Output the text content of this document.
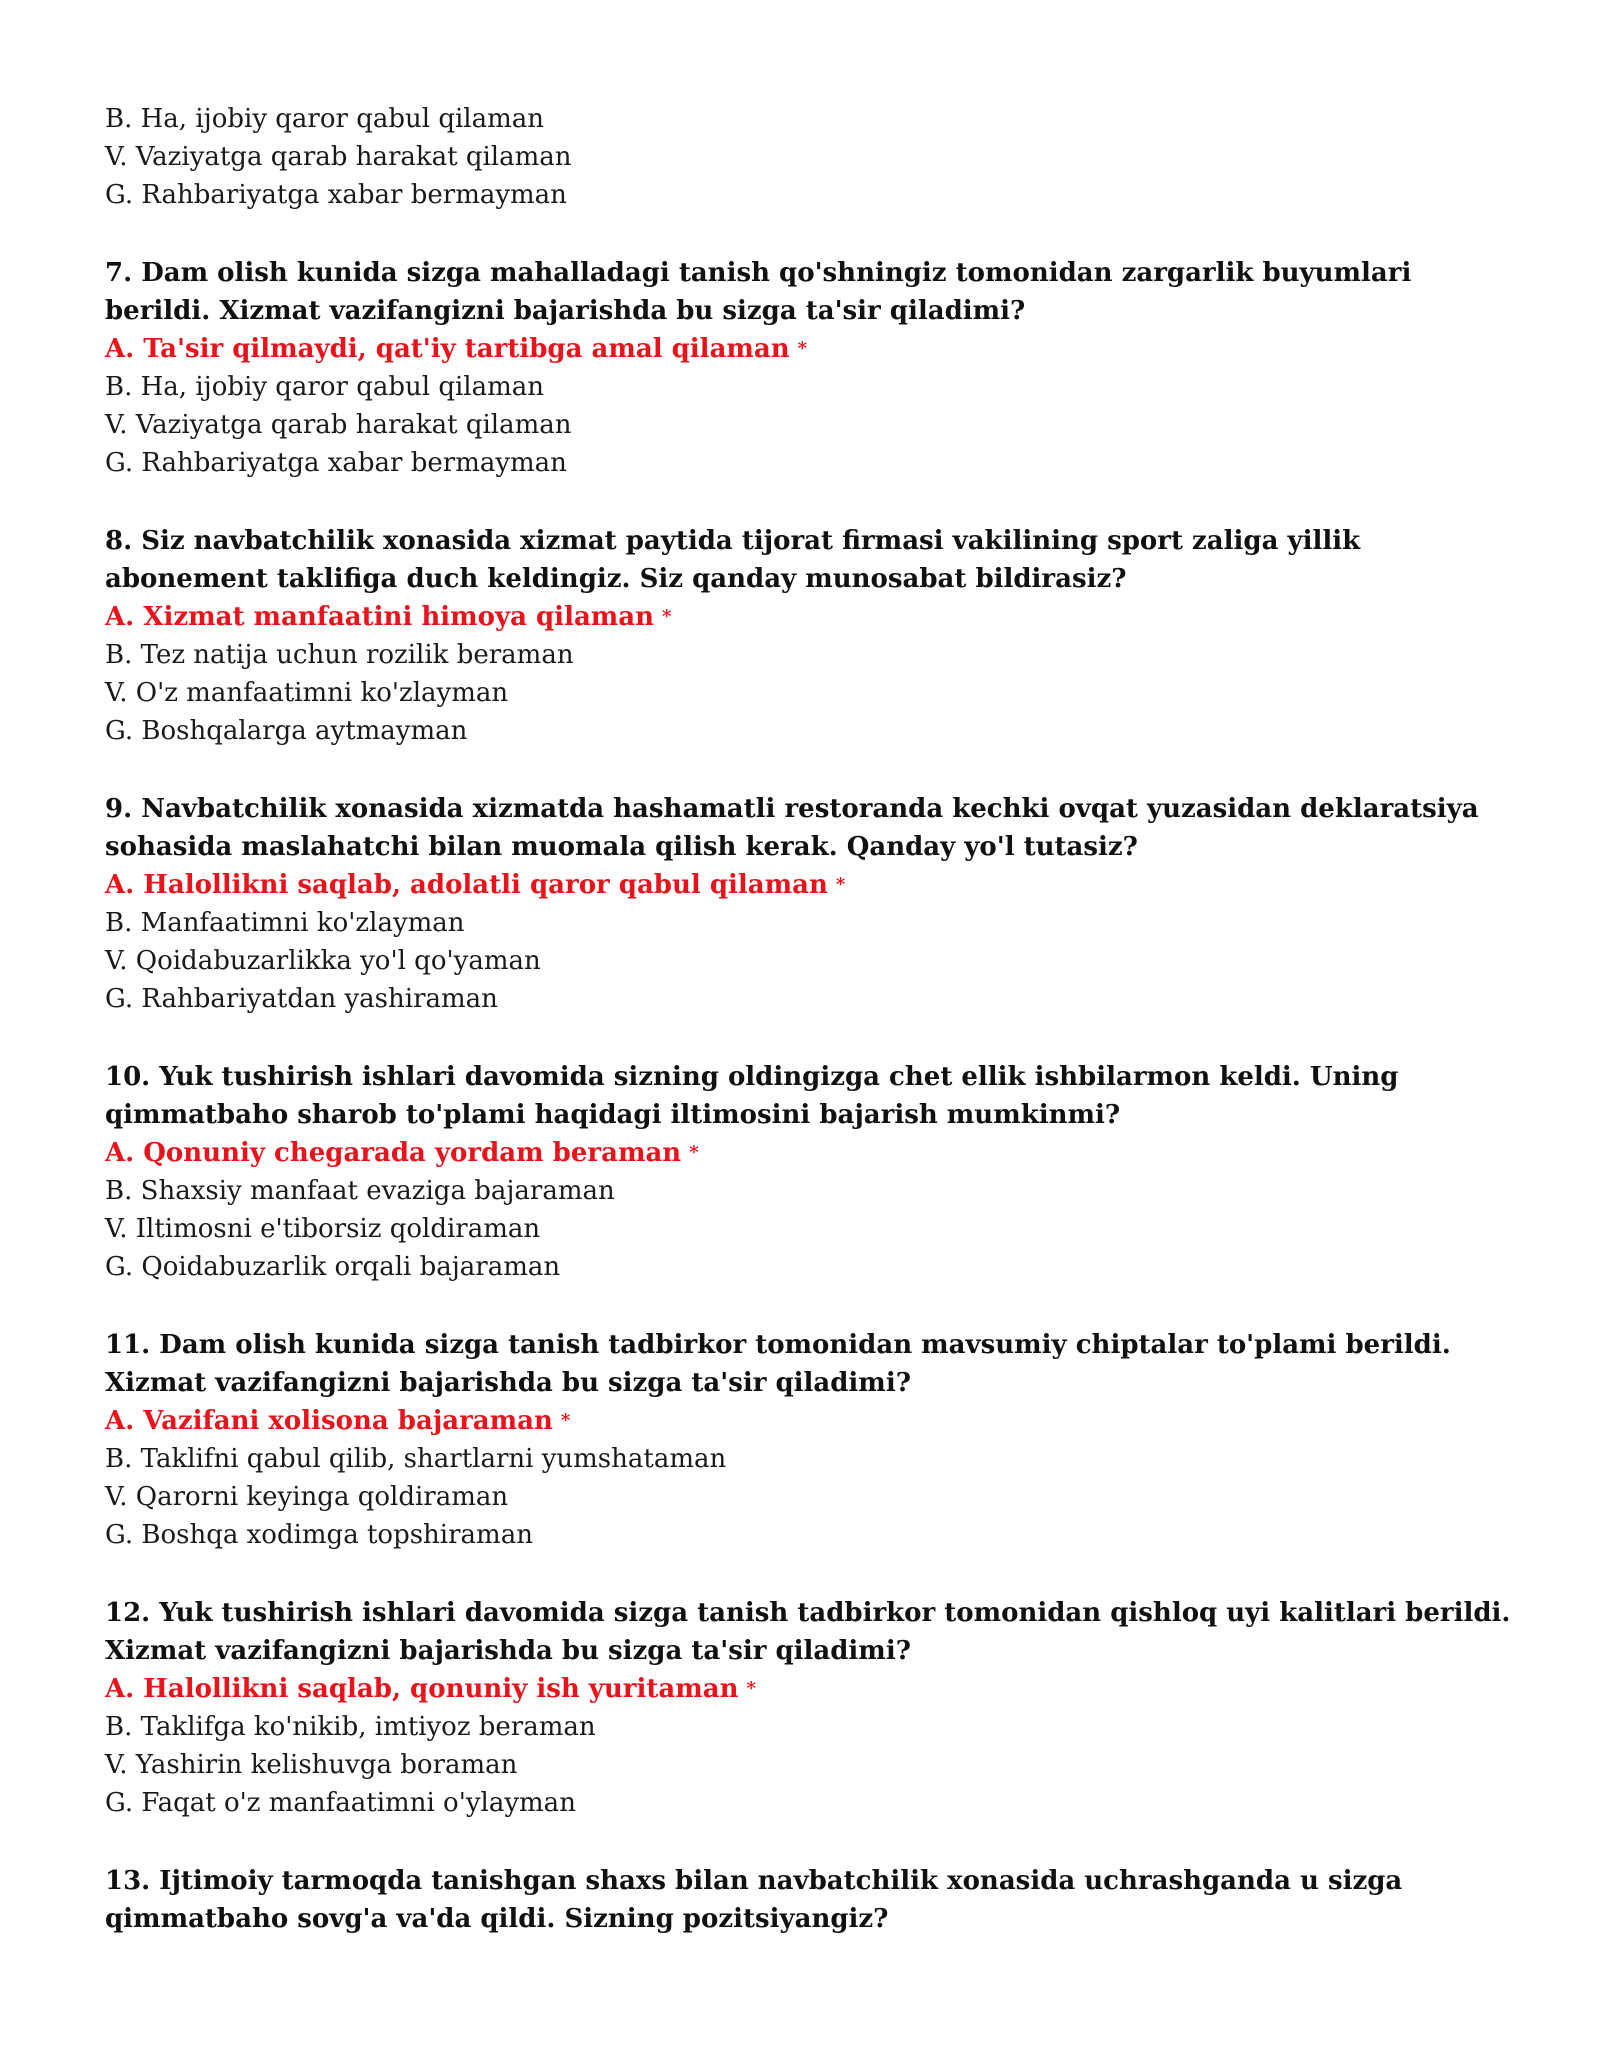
B. Ha, ijobiy qaror qabul qilaman
V. Vaziyatga qarab harakat qilaman
G. Rahbariyatga xabar bermayman
7. Dam olish kunida sizga mahalladagi tanish qo'shningiz tomonidan zargarlik buyumlari berildi. Xizmat vazifangizni bajarishda bu sizga ta'sir qiladimi?
A. Ta'sir qilmaydi, qat'iy tartibga amal qilaman *
B. Ha, ijobiy qaror qabul qilaman
V. Vaziyatga qarab harakat qilaman
G. Rahbariyatga xabar bermayman
8. Siz navbatchilik xonasida xizmat paytida tijorat firmasi vakilining sport zaliga yillik abonement taklifiga duch keldingiz. Siz qanday munosabat bildirasiz?
A. Xizmat manfaatini himoya qilaman *
B. Tez natija uchun rozilik beraman
V. O'z manfaatimni ko'zlayman
G. Boshqalarga aytmayman
9. Navbatchilik xonasida xizmatda hashamatli restoranda kechki ovqat yuzasidan deklaratsiya sohasida maslahatchi bilan muomala qilish kerak. Qanday yo'l tutasiz?
A. Halollikni saqlab, adolatli qaror qabul qilaman *
B. Manfaatimni ko'zlayman
V. Qoidabuzarlikka yo'l qo'yaman
G. Rahbariyatdan yashiraman
10. Yuk tushirish ishlari davomida sizning oldingizga chet ellik ishbilarmon keldi. Uning qimmatbaho sharob to'plami haqidagi iltimosini bajarish mumkinmi?
A. Qonuniy chegarada yordam beraman *
B. Shaxsiy manfaat evaziga bajaraman
V. Iltimosni e'tiborsiz qoldiraman
G. Qoidabuzarlik orqali bajaraman
11. Dam olish kunida sizga tanish tadbirkor tomonidan mavsumiy chiptalar to'plami berildi. Xizmat vazifangizni bajarishda bu sizga ta'sir qiladimi?
A. Vazifani xolisona bajaraman *
B. Taklifni qabul qilib, shartlarni yumshataman
V. Qarorni keyinga qoldiraman
G. Boshqa xodimga topshiraman
12. Yuk tushirish ishlari davomida sizga tanish tadbirkor tomonidan qishloq uyi kalitlari berildi. Xizmat vazifangizni bajarishda bu sizga ta'sir qiladimi?
A. Halollikni saqlab, qonuniy ish yuritaman *
B. Taklifga ko'nikib, imtiyoz beraman
V. Yashirin kelishuvga boraman
G. Faqat o'z manfaatimni o'ylayman
13. Ijtimoiy tarmoqda tanishgan shaxs bilan navbatchilik xonasida uchrashganda u sizga qimmatbaho sovg'a va'da qildi. Sizning pozitsiyangiz?
